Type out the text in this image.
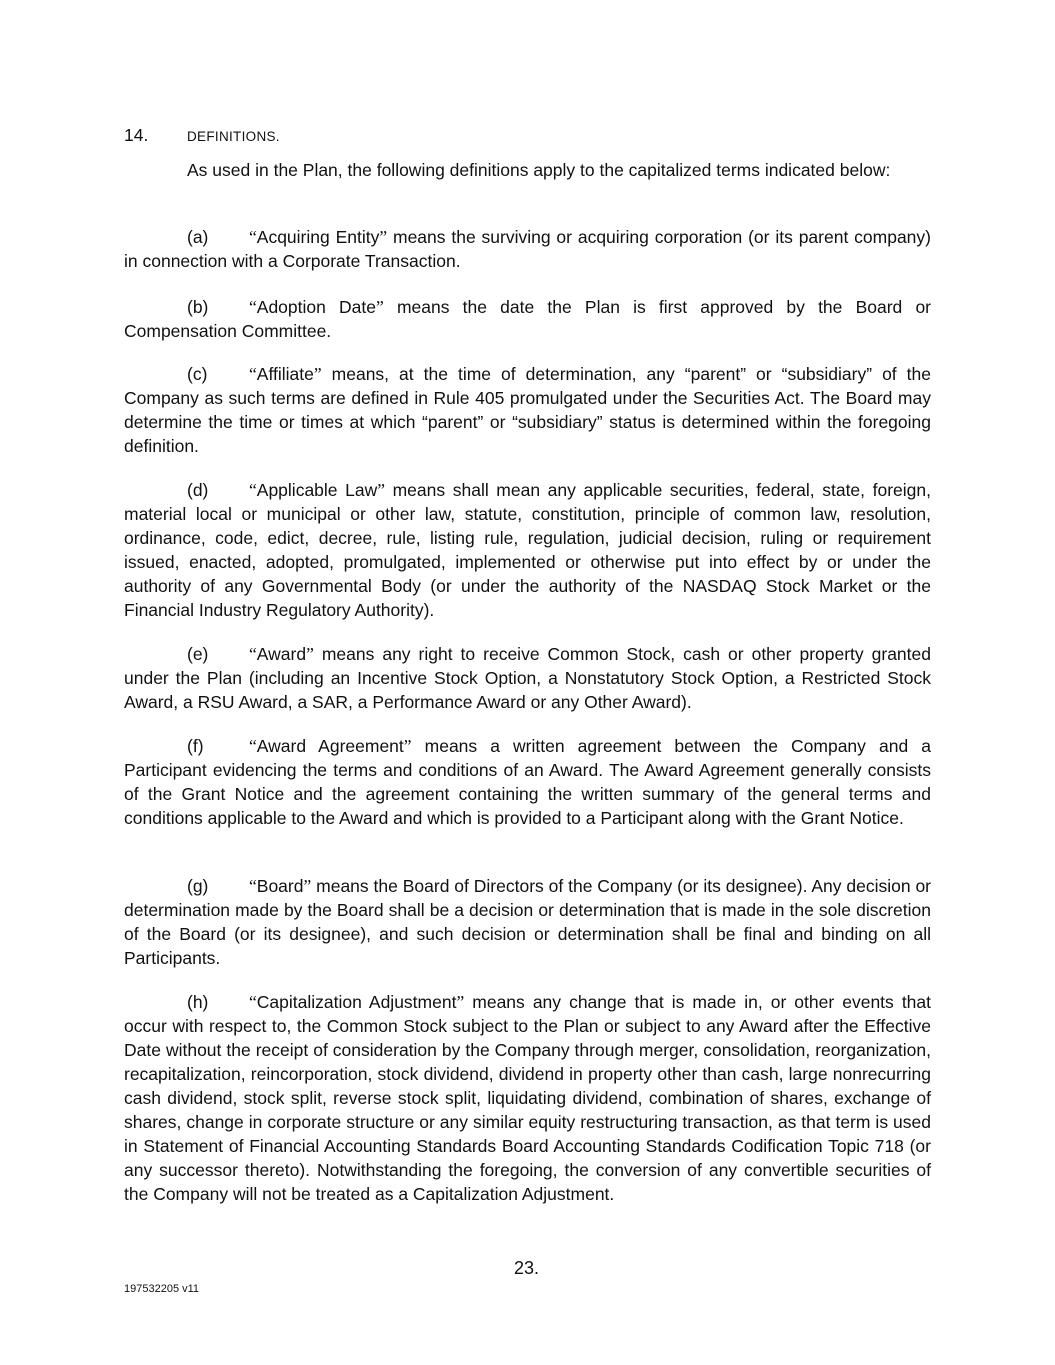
14.	DEFINITIONS.

As used in the Plan, the following definitions apply to the capitalized terms indicated below:

(a) “Acquiring Entity” means the surviving or acquiring corporation (or its parent company) in connection with a Corporate Transaction.

(b) “Adoption Date” means the date the Plan is first approved by the Board or Compensation Committee.

(c) “Affiliate” means, at the time of determination, any “parent” or “subsidiary” of the Company as such terms are defined in Rule 405 promulgated under the Securities Act. The Board may determine the time or times at which “parent” or “subsidiary” status is determined within the foregoing definition.

(d) “Applicable Law” means shall mean any applicable securities, federal, state, foreign, material local or municipal or other law, statute, constitution, principle of common law, resolution, ordinance, code, edict, decree, rule, listing rule, regulation, judicial decision, ruling or requirement issued, enacted, adopted, promulgated, implemented or otherwise put into effect by or under the authority of any Governmental Body (or under the authority of the NASDAQ Stock Market or the Financial Industry Regulatory Authority).

(e) “Award” means any right to receive Common Stock, cash or other property granted under the Plan (including an Incentive Stock Option, a Nonstatutory Stock Option, a Restricted Stock Award, a RSU Award, a SAR, a Performance Award or any Other Award).

(f)	“Award Agreement” means a written agreement between the Company and a Participant evidencing the terms and conditions of an Award. The Award Agreement generally consists of the Grant Notice and the agreement containing the written summary of the general terms and conditions applicable to the Award and which is provided to a Participant along with the Grant Notice.

(g) “Board” means the Board of Directors of the Company (or its designee). Any decision or determination made by the Board shall be a decision or determination that is made in the sole discretion of the Board (or its designee), and such decision or determination shall be final and binding on all Participants.

(h) “Capitalization Adjustment” means any change that is made in, or other events that occur with respect to, the Common Stock subject to the Plan or subject to any Award after the Effective Date without the receipt of consideration by the Company through merger, consolidation, reorganization, recapitalization, reincorporation, stock dividend, dividend in property other than cash, large nonrecurring cash dividend, stock split, reverse stock split, liquidating dividend, combination of shares, exchange of shares, change in corporate structure or any similar equity restructuring transaction, as that term is used in Statement of Financial Accounting Standards Board Accounting Standards Codification Topic 718 (or any successor thereto). Notwithstanding the foregoing, the conversion of any convertible securities of the Company will not be treated as a Capitalization Adjustment.

23.
197532205 v11
